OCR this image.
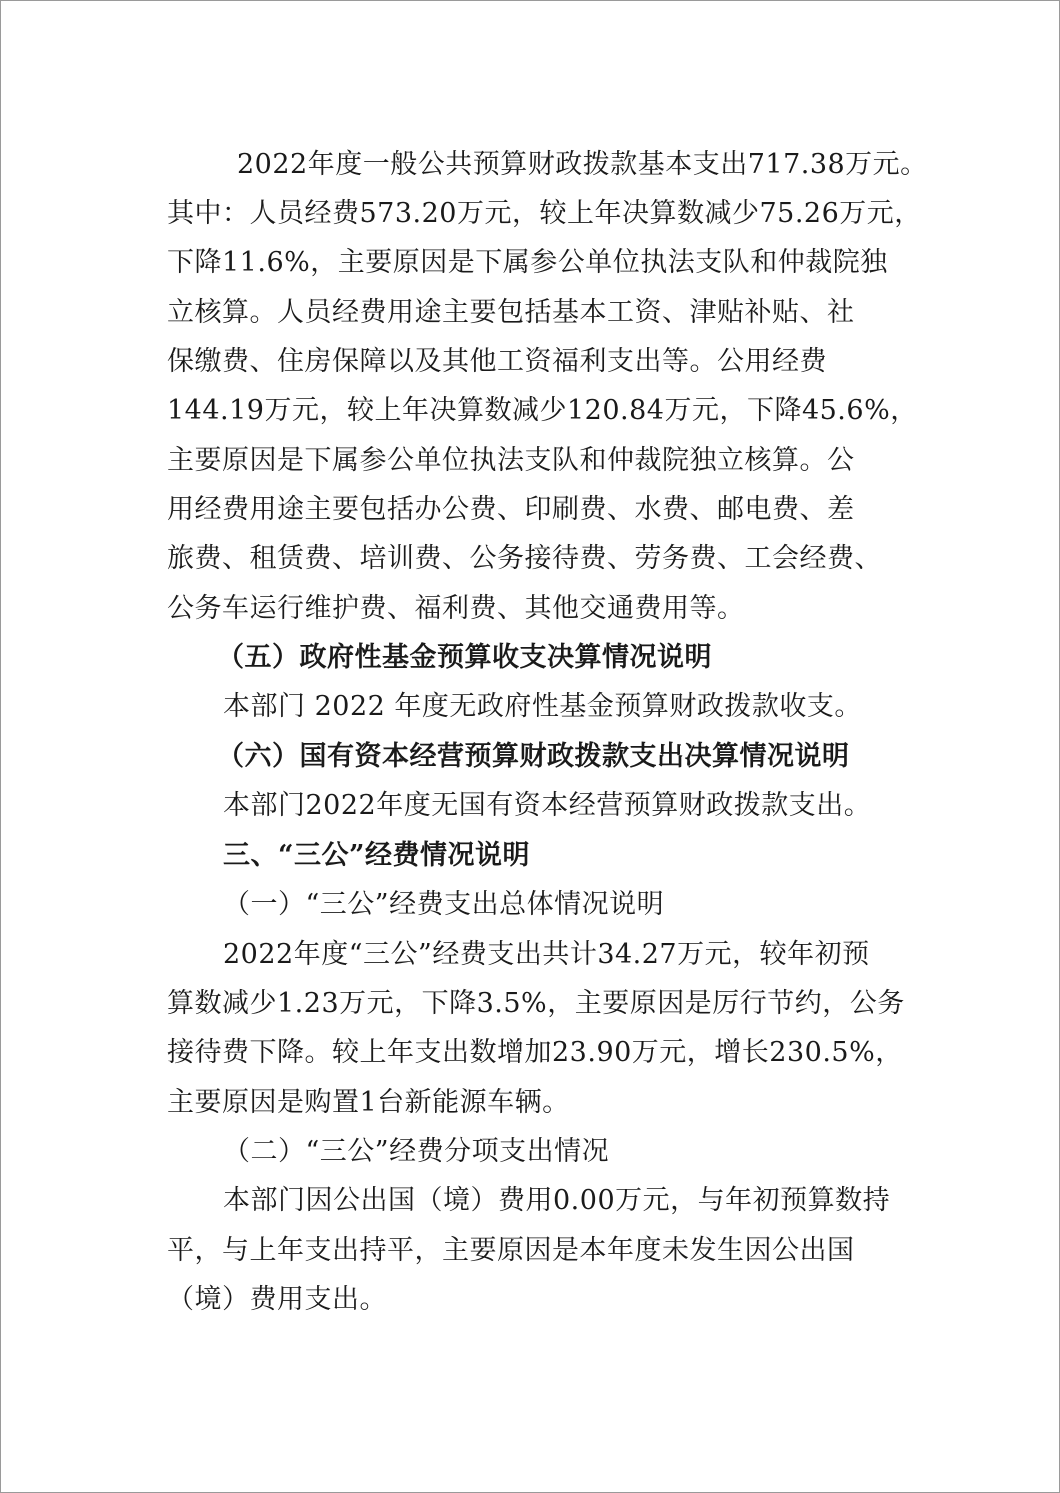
2022年度一般公共预算财政拨款基本支出717.38万元。
其中：人员经费573.20万元，较上年决算数减少75.26万元，
下降11.6%，主要原因是下属参公单位执法支队和仲裁院独
立核算。人员经费用途主要包括基本工资、津贴补贴、社
保缴费、住房保障以及其他工资福利支出等。公用经费
144.19万元，较上年决算数减少120.84万元，下降45.6%，
主要原因是下属参公单位执法支队和仲裁院独立核算。公
用经费用途主要包括办公费、印刷费、水费、邮电费、差
旅费、租赁费、培训费、公务接待费、劳务费、工会经费、
公务车运行维护费、福利费、其他交通费用等。
（五）政府性基金预算收支决算情况说明
本部门 2022 年度无政府性基金预算财政拨款收支。
（六）国有资本经营预算财政拨款支出决算情况说明
本部门2022年度无国有资本经营预算财政拨款支出。
三、“三公”经费情况说明
（一）“三公”经费支出总体情况说明
2022年度“三公”经费支出共计34.27万元，较年初预
算数减少1.23万元，下降3.5%，主要原因是厉行节约，公务
接待费下降。较上年支出数增加23.90万元，增长230.5%，
主要原因是购置1台新能源车辆。
（二）“三公”经费分项支出情况
本部门因公出国（境）费用0.00万元，与年初预算数持
平，与上年支出持平，主要原因是本年度未发生因公出国
（境）费用支出。
